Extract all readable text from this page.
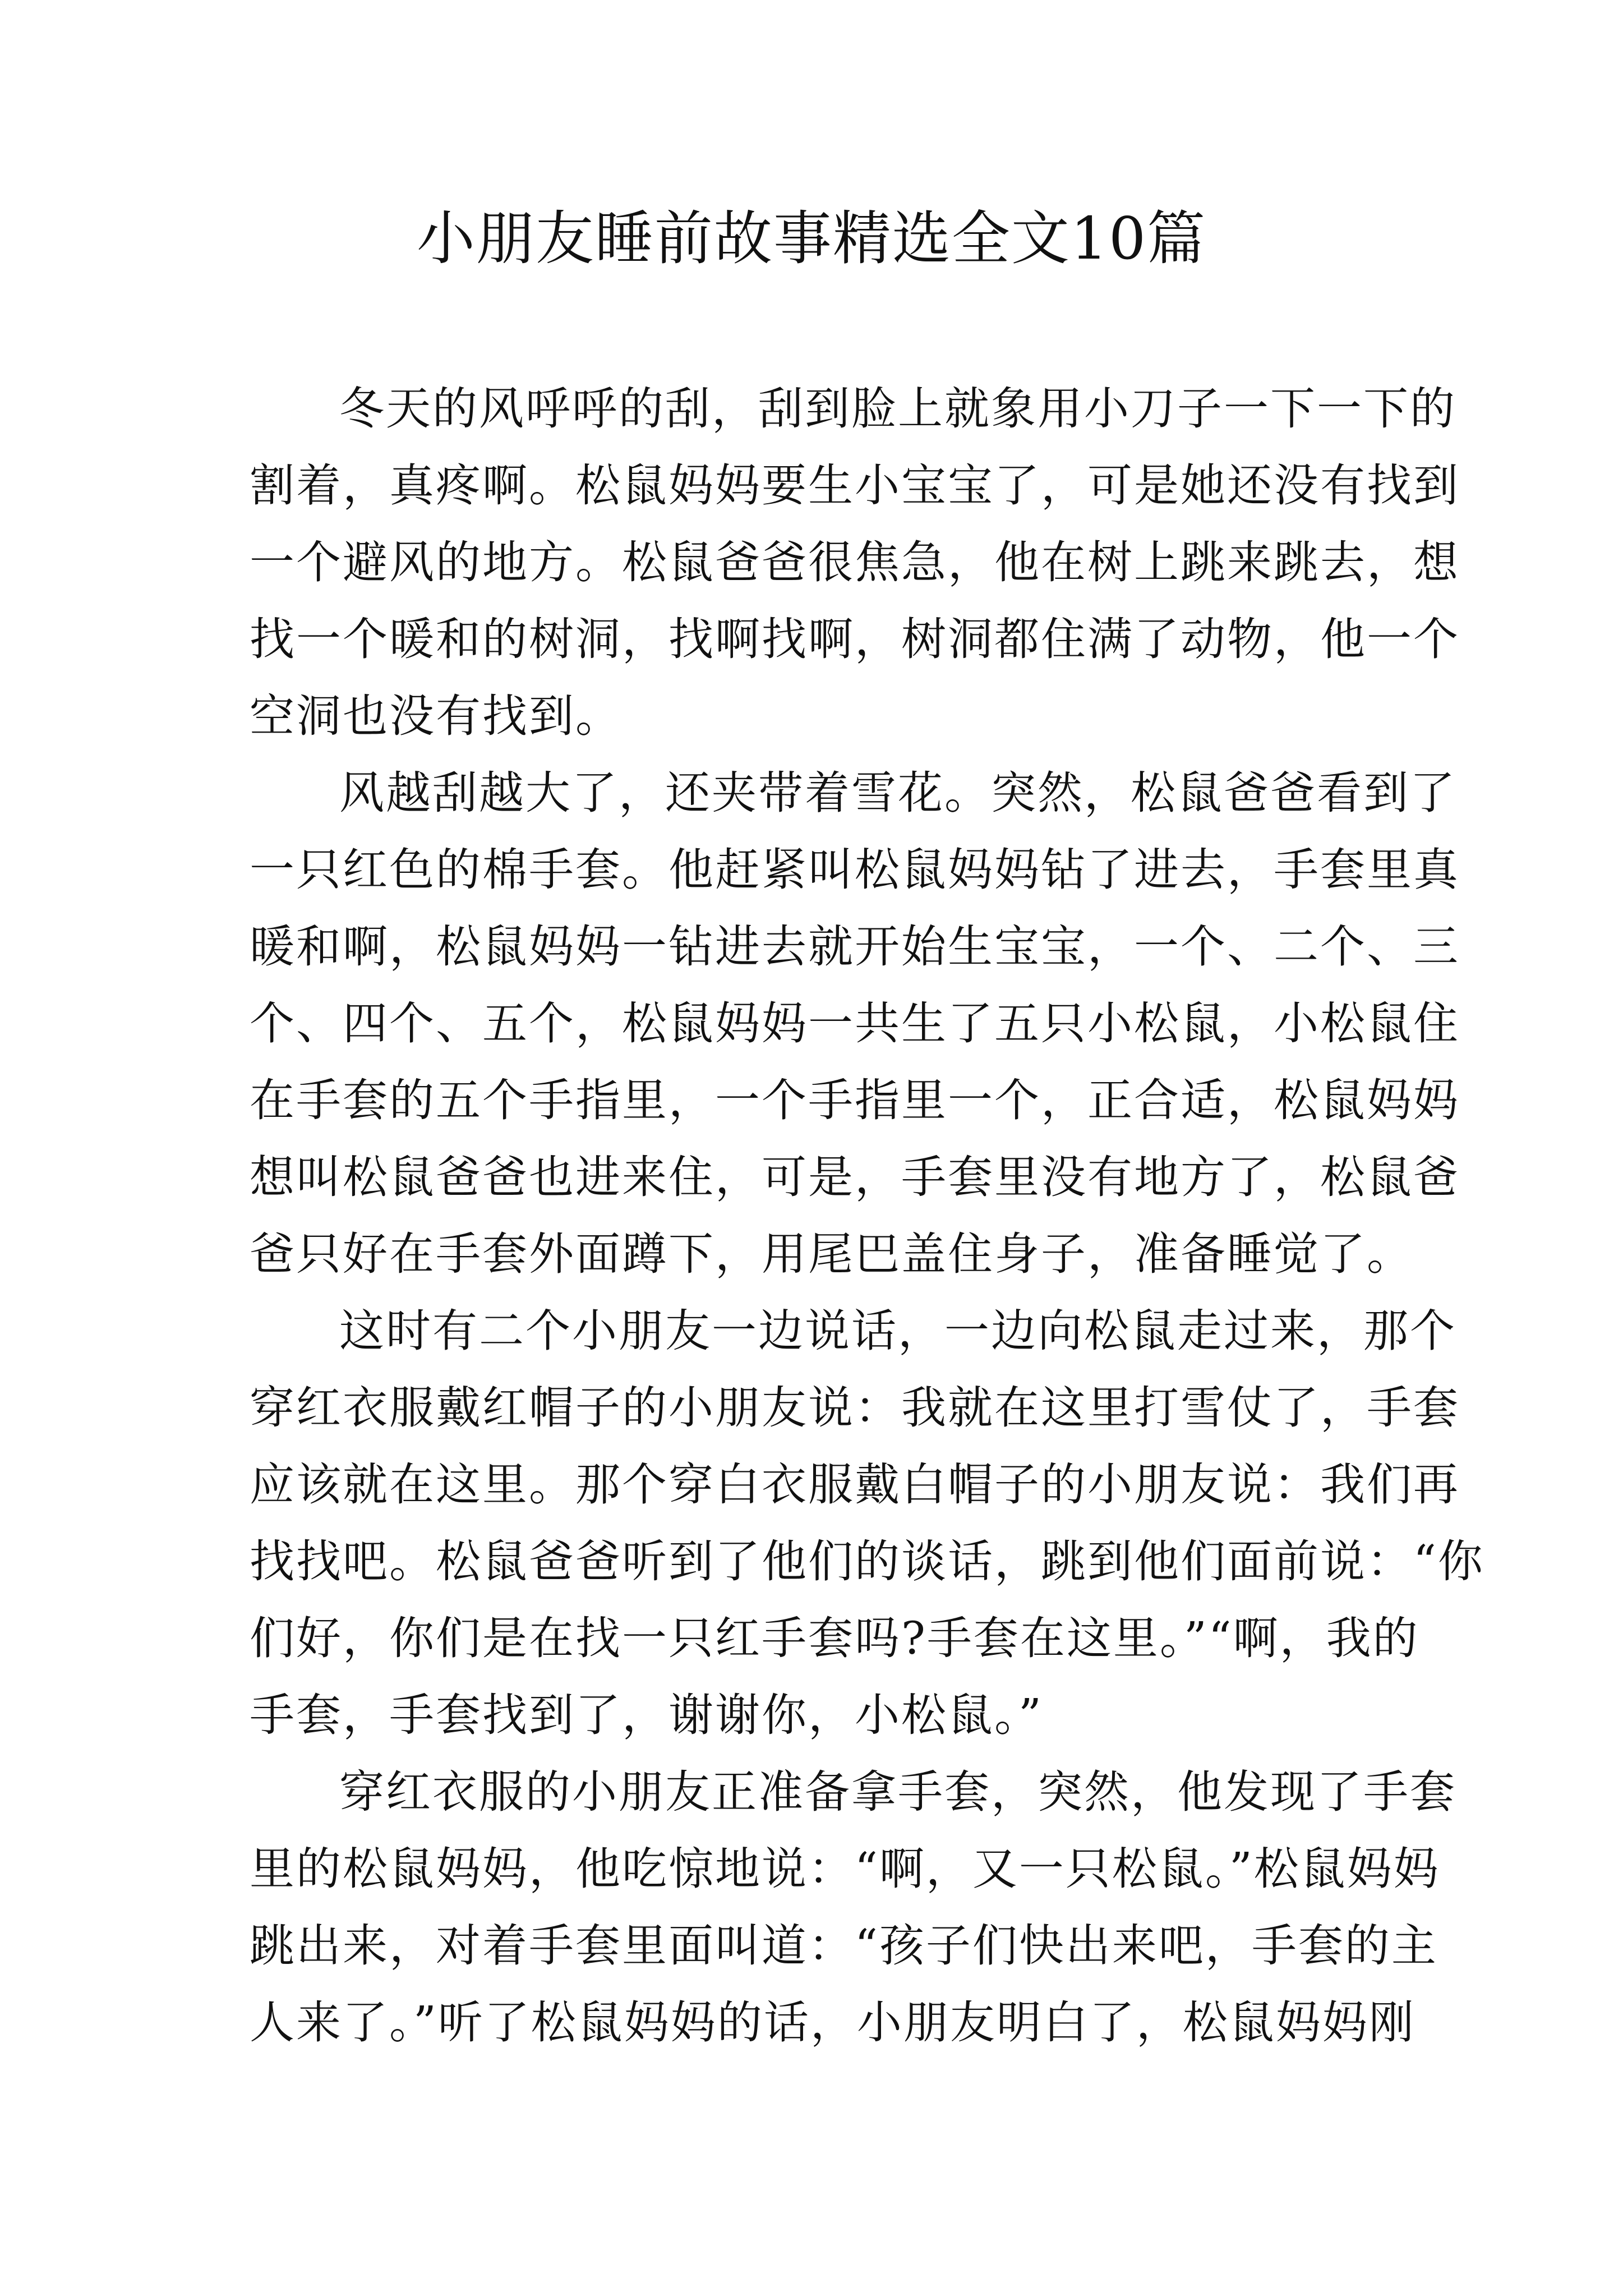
小朋友睡前故事精选全文10篇

冬天的风呼呼的刮，刮到脸上就象用小刀子一下一下的
割着，真疼啊。松鼠妈妈要生小宝宝了，可是她还没有找到
一个避风的地方。松鼠爸爸很焦急，他在树上跳来跳去，想
找一个暖和的树洞，找啊找啊，树洞都住满了动物，他一个
空洞也没有找到。

风越刮越大了，还夹带着雪花。突然，松鼠爸爸看到了
一只红色的棉手套。他赶紧叫松鼠妈妈钻了进去，手套里真
暖和啊，松鼠妈妈一钻进去就开始生宝宝，一个、二个、三
个、四个、五个，松鼠妈妈一共生了五只小松鼠，小松鼠住
在手套的五个手指里，一个手指里一个，正合适，松鼠妈妈
想叫松鼠爸爸也进来住，可是，手套里没有地方了，松鼠爸
爸只好在手套外面蹲下，用尾巴盖住身子，准备睡觉了。

这时有二个小朋友一边说话，一边向松鼠走过来，那个
穿红衣服戴红帽子的小朋友说：我就在这里打雪仗了，手套
应该就在这里。那个穿白衣服戴白帽子的小朋友说：我们再
找找吧。松鼠爸爸听到了他们的谈话，跳到他们面前说：“你
们好，你们是在找一只红手套吗?手套在这里。”“啊，我的
手套，手套找到了，谢谢你，小松鼠。”

穿红衣服的小朋友正准备拿手套，突然，他发现了手套
里的松鼠妈妈，他吃惊地说：“啊，又一只松鼠。”松鼠妈妈
跳出来，对着手套里面叫道：“孩子们快出来吧，手套的主
人来了。”听了松鼠妈妈的话，小朋友明白了，松鼠妈妈刚
